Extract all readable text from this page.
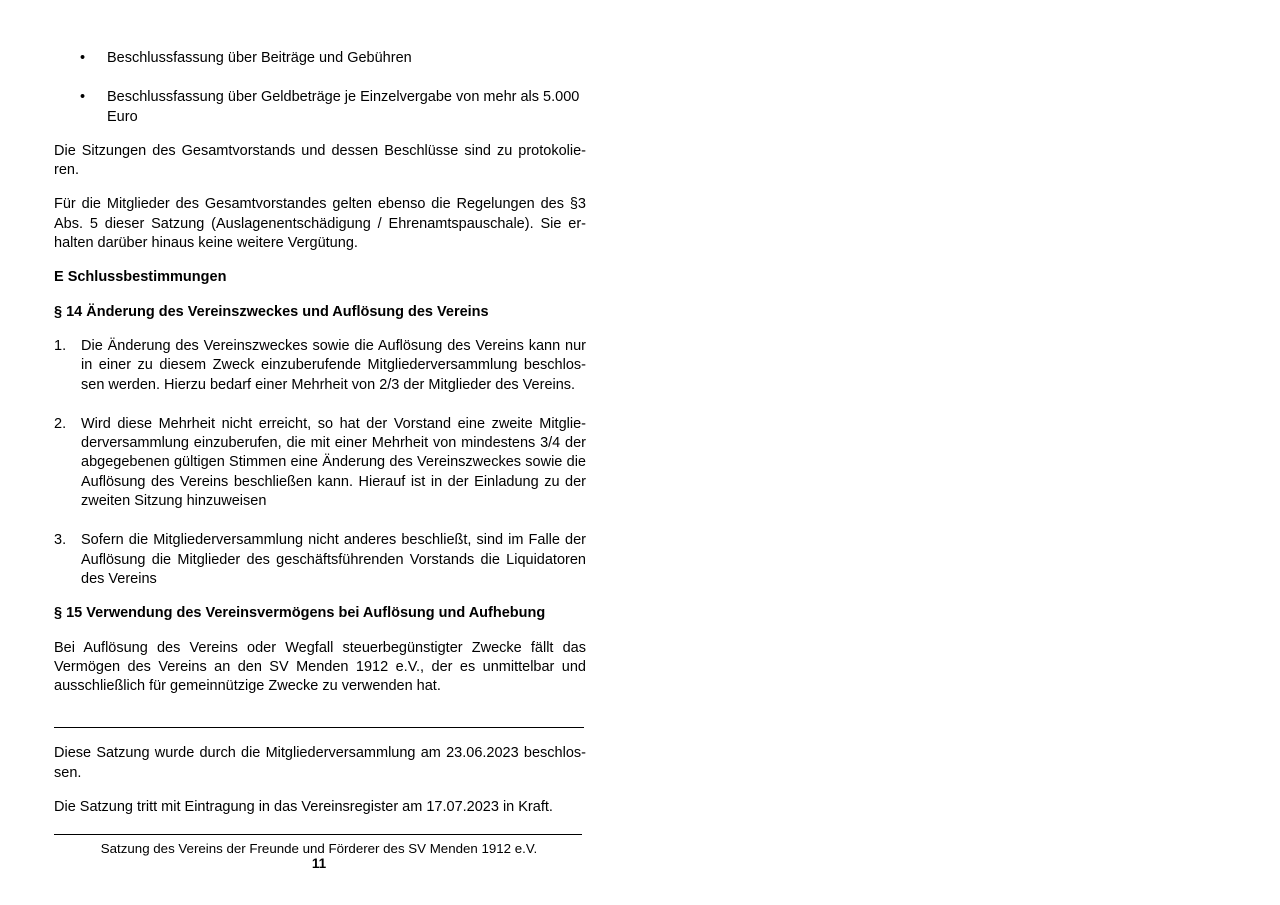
• Beschlussfassung über Beiträge und Gebühren
• Beschlussfassung über Geldbeträge je Einzelvergabe von mehr als 5.000 Euro

Die Sitzungen des Gesamtvorstands und dessen Beschlüsse sind zu protokolieren.

Für die Mitglieder des Gesamtvorstandes gelten ebenso die Regelungen des §3 Abs. 5 dieser Satzung (Auslagenentschädigung / Ehrenamtspauschale). Sie erhalten darüber hinaus keine weitere Vergütung.

E Schlussbestimmungen
§ 14 Änderung des Vereinszweckes und Auflösung des Vereins
1. Die Änderung des Vereinszweckes sowie die Auflösung des Vereins kann nur in einer zu diesem Zweck einzuberufende Mitgliederversammlung beschlossen werden. Hierzu bedarf einer Mehrheit von 2/3 der Mitglieder des Vereins.
2. Wird diese Mehrheit nicht erreicht, so hat der Vorstand eine zweite Mitgliederversammlung einzuberufen, die mit einer Mehrheit von mindestens 3/4 der abgegebenen gültigen Stimmen eine Änderung des Vereinszweckes sowie die Auflösung des Vereins beschließen kann. Hierauf ist in der Einladung zu der zweiten Sitzung hinzuweisen
3. Sofern die Mitgliederversammlung nicht anderes beschließt, sind im Falle der Auflösung die Mitglieder des geschäftsführenden Vorstands die Liquidatoren des Vereins
§ 15 Verwendung des Vereinsvermögens bei Auflösung und Aufhebung

Bei Auflösung des Vereins oder Wegfall steuerbegünstigter Zwecke fällt das Vermögen des Vereins an den SV Menden 1912 e.V., der es unmittelbar und ausschließlich für gemeinnützige Zwecke zu verwenden hat.

Diese Satzung wurde durch die Mitgliederversammlung am 23.06.2023 beschlossen.

Die Satzung tritt mit Eintragung in das Vereinsregister am 17.07.2023 in Kraft.

Satzung des Vereins der Freunde und Förderer des SV Menden 1912 e.V.
11
